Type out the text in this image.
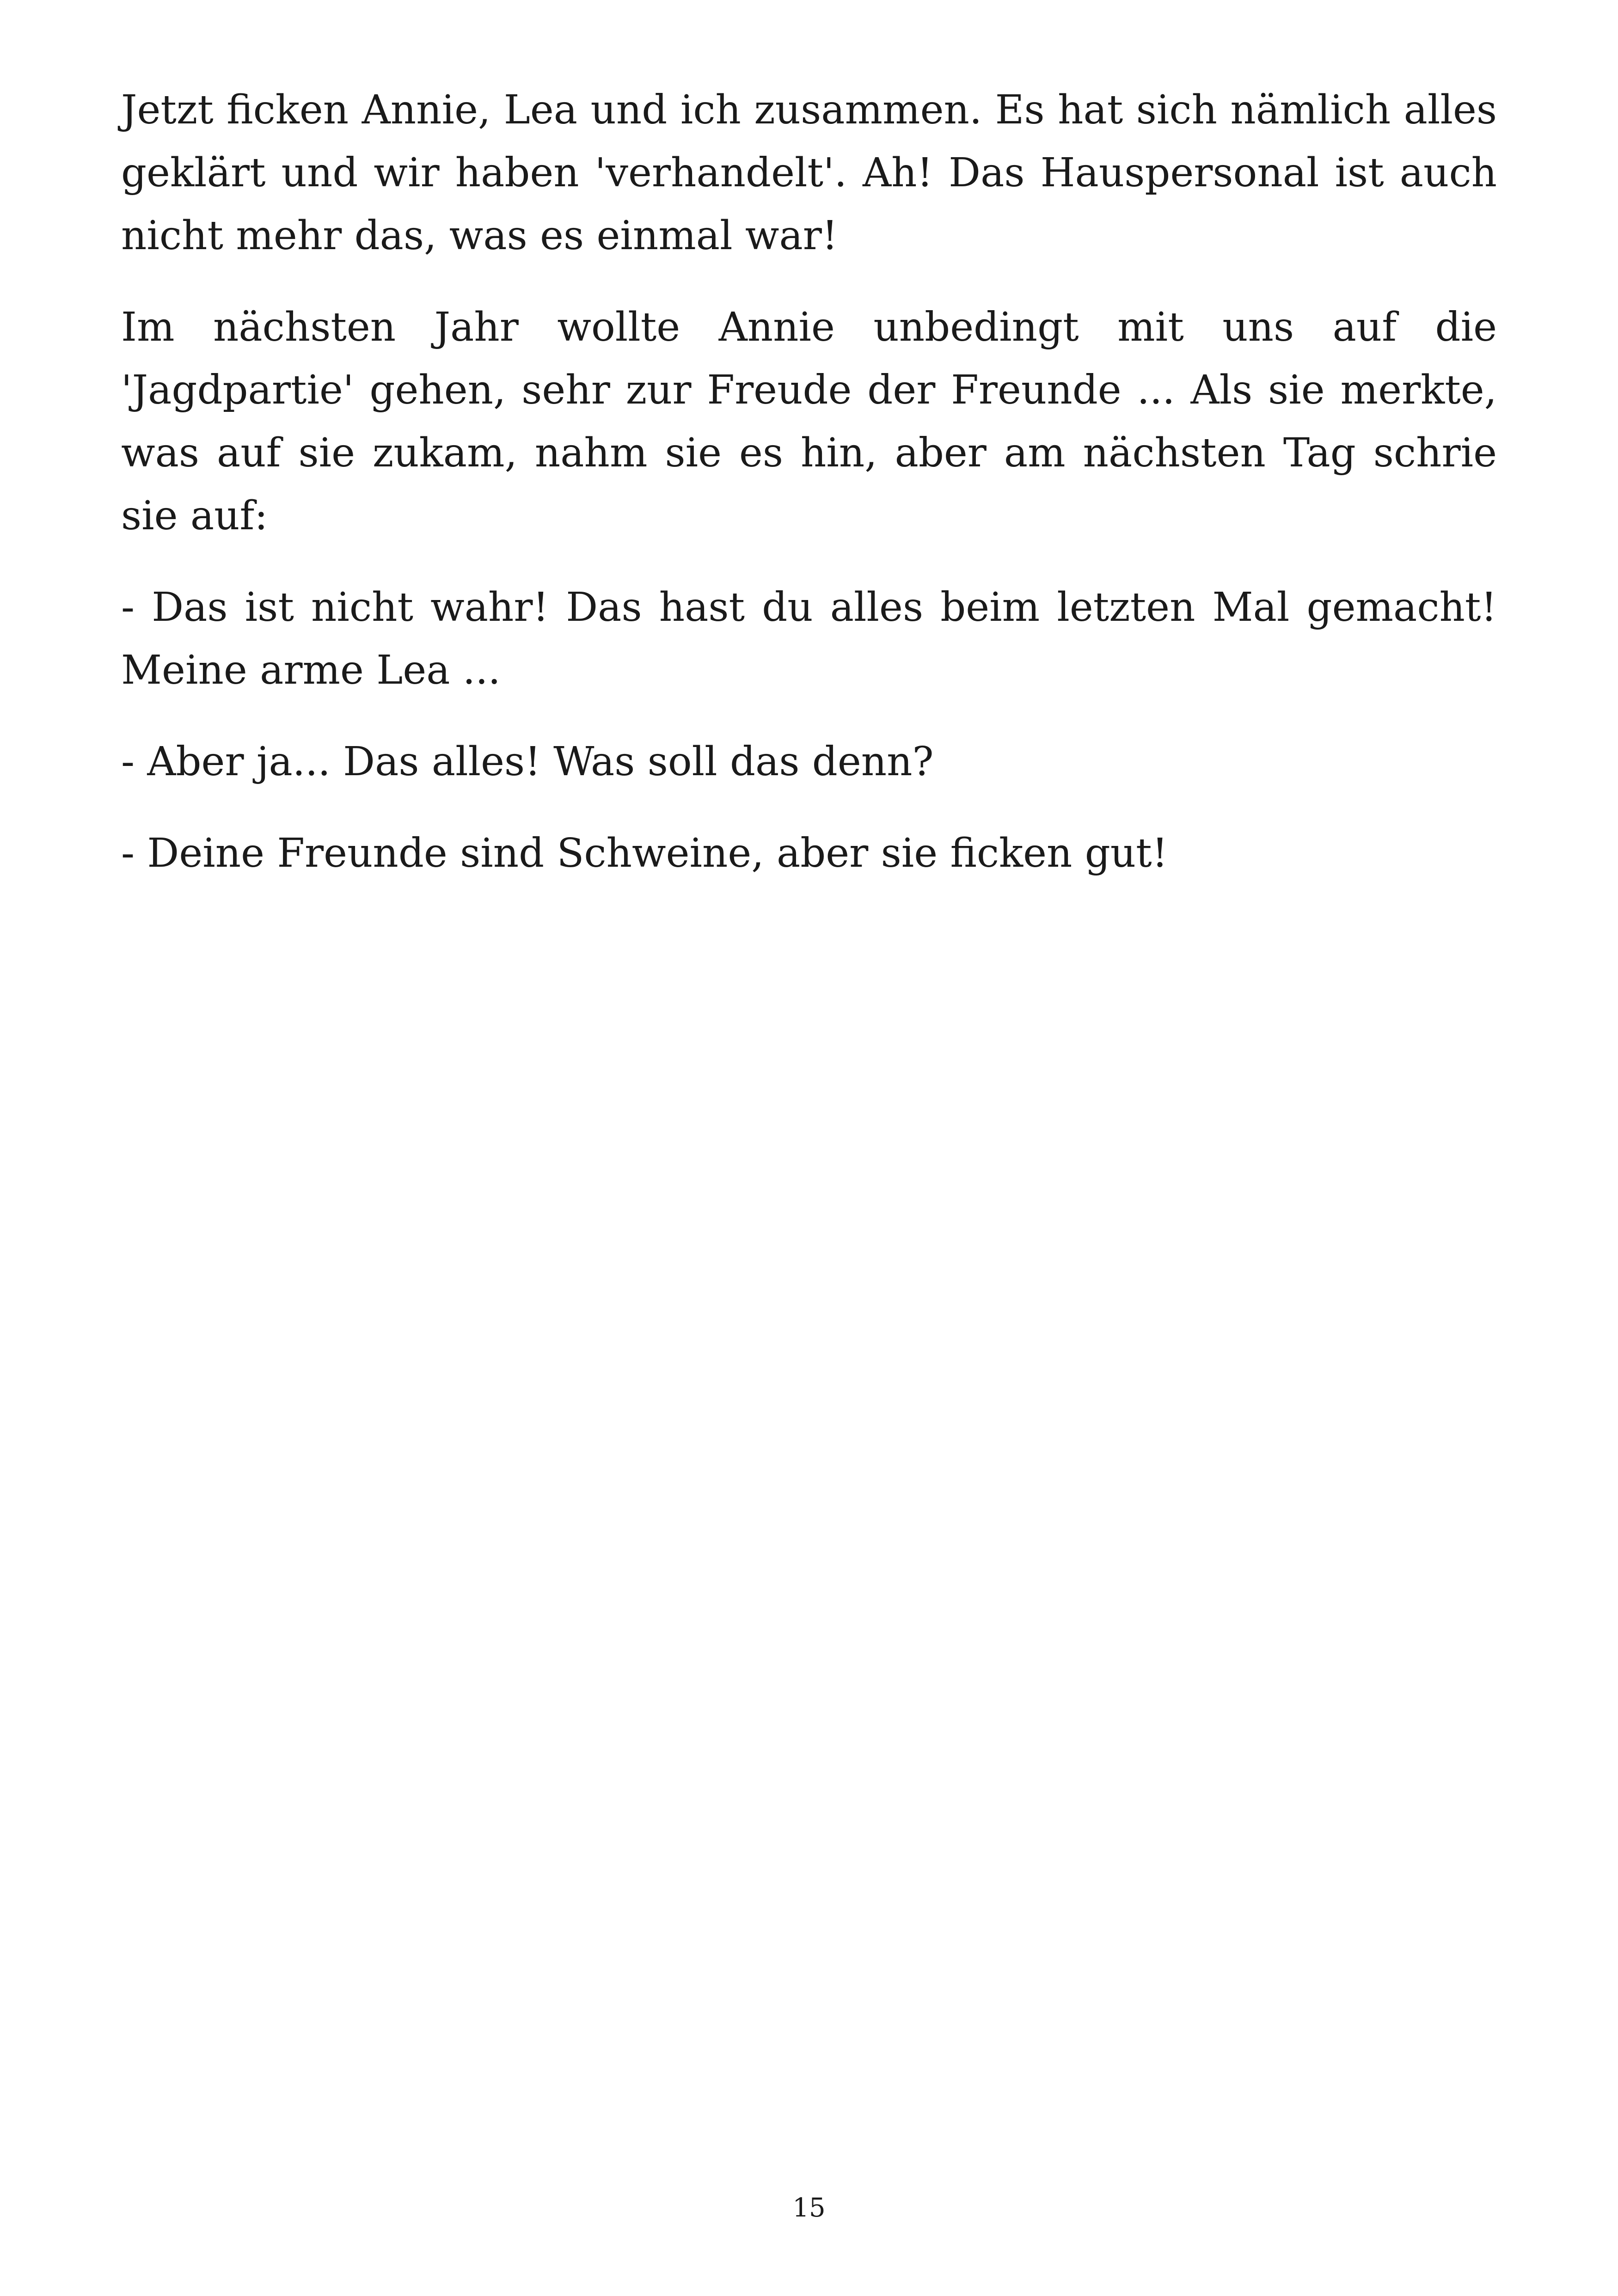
Jetzt ficken Annie, Lea und ich zusammen. Es hat sich nämlich alles geklärt und wir haben 'verhandelt'. Ah! Das Hauspersonal ist auch nicht mehr das, was es einmal war!

Im nächsten Jahr wollte Annie unbedingt mit uns auf die 'Jagdpartie' gehen, sehr zur Freude der Freunde ... Als sie merkte, was auf sie zukam, nahm sie es hin, aber am nächsten Tag schrie sie auf:

- Das ist nicht wahr! Das hast du alles beim letzten Mal gemacht! Meine arme Lea ...

- Aber ja... Das alles! Was soll das denn?

- Deine Freunde sind Schweine, aber sie ficken gut!

15
